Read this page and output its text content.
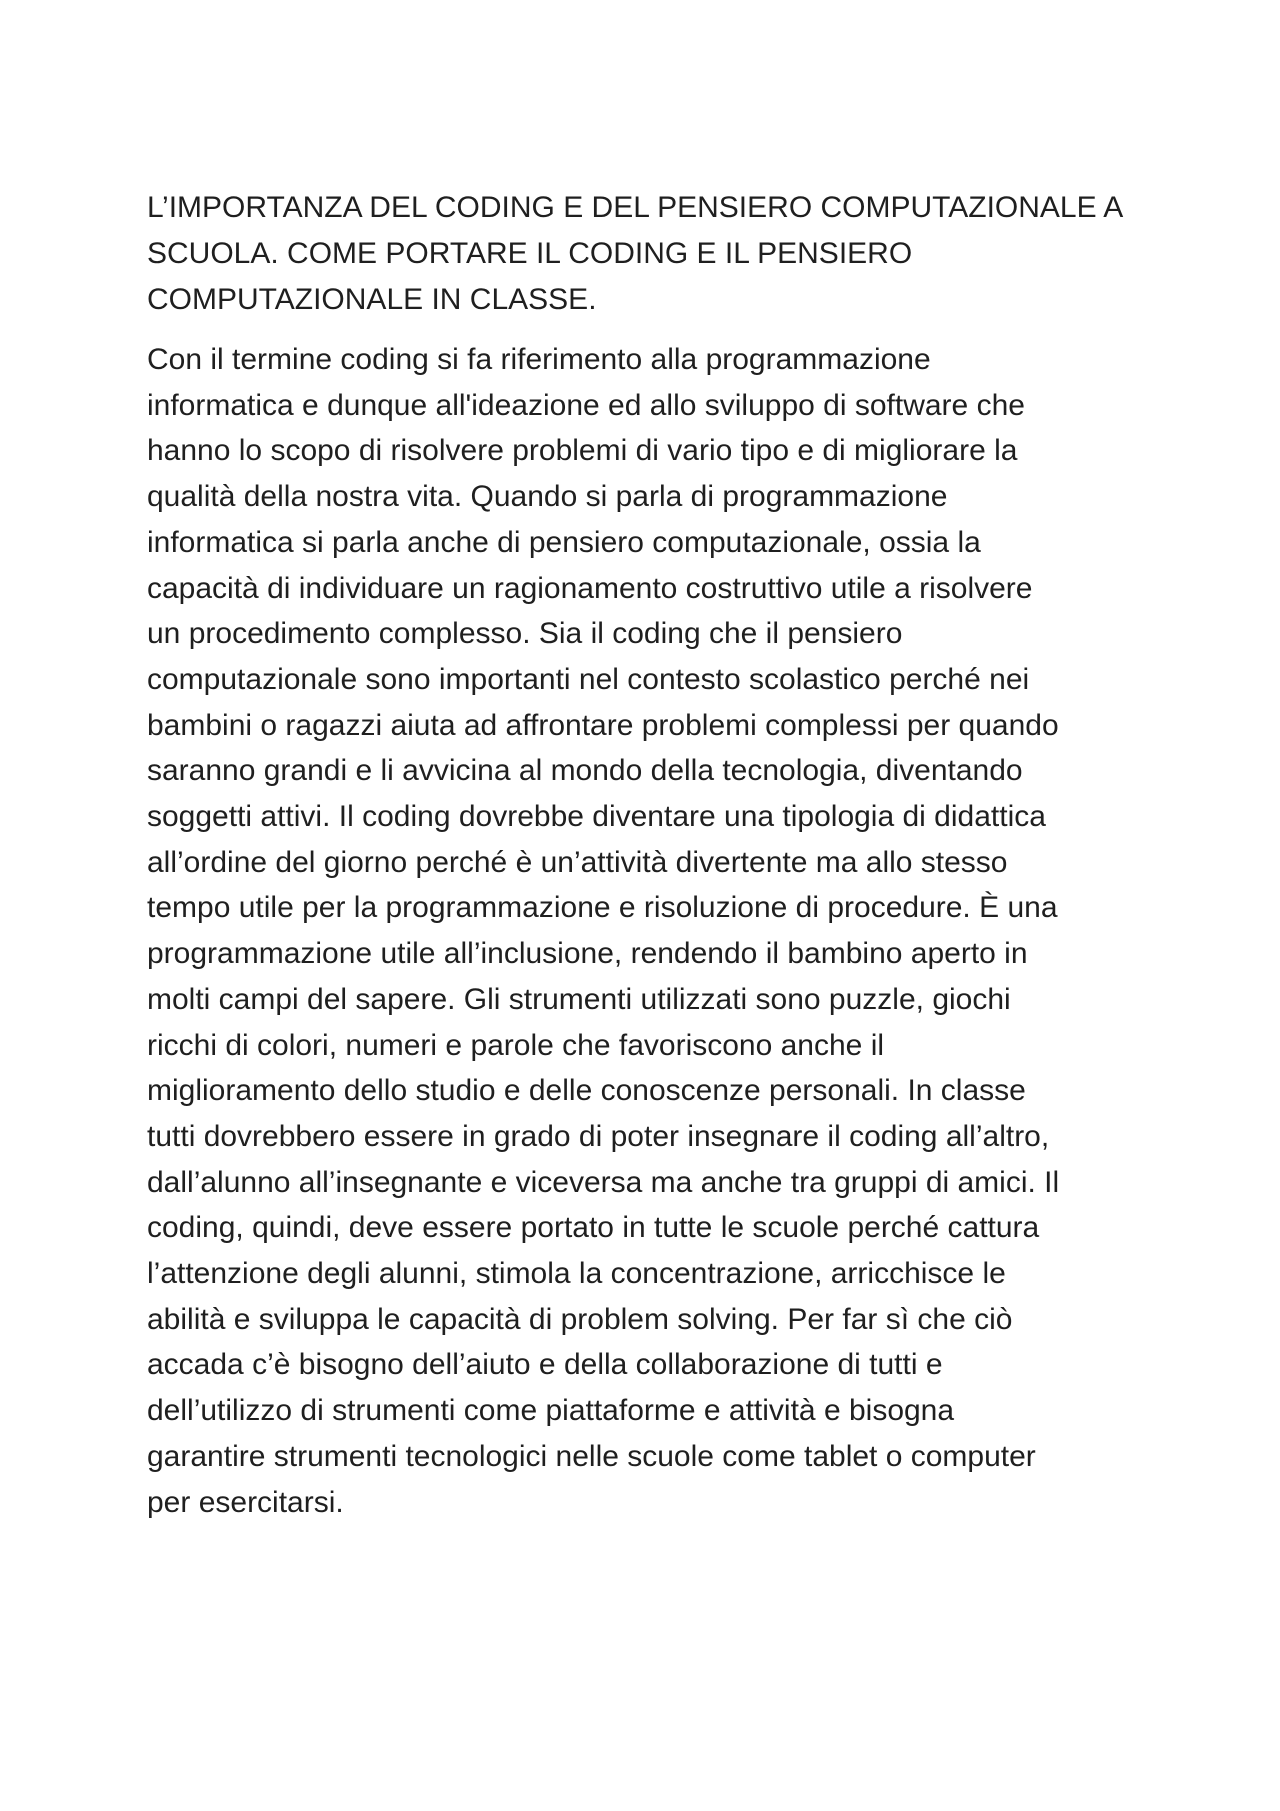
L’IMPORTANZA DEL CODING E DEL PENSIERO COMPUTAZIONALE A
SCUOLA. COME PORTARE IL CODING E IL PENSIERO
COMPUTAZIONALE IN CLASSE.

Con il termine coding si fa riferimento alla programmazione
informatica e dunque all'ideazione ed allo sviluppo di software che
hanno lo scopo di risolvere problemi di vario tipo e di migliorare la
qualità della nostra vita. Quando si parla di programmazione
informatica si parla anche di pensiero computazionale, ossia la
capacità di individuare un ragionamento costruttivo utile a risolvere
un procedimento complesso. Sia il coding che il pensiero
computazionale sono importanti nel contesto scolastico perché nei
bambini o ragazzi aiuta ad affrontare problemi complessi per quando
saranno grandi e li avvicina al mondo della tecnologia, diventando
soggetti attivi. Il coding dovrebbe diventare una tipologia di didattica
all’ordine del giorno perché è un’attività divertente ma allo stesso
tempo utile per la programmazione e risoluzione di procedure. È una
programmazione utile all’inclusione, rendendo il bambino aperto in
molti campi del sapere. Gli strumenti utilizzati sono puzzle, giochi
ricchi di colori, numeri e parole che favoriscono anche il
miglioramento dello studio e delle conoscenze personali. In classe
tutti dovrebbero essere in grado di poter insegnare il coding all’altro,
dall’alunno all’insegnante e viceversa ma anche tra gruppi di amici. Il
coding, quindi, deve essere portato in tutte le scuole perché cattura
l’attenzione degli alunni, stimola la concentrazione, arricchisce le
abilità e sviluppa le capacità di problem solving. Per far sì che ciò
accada c’è bisogno dell’aiuto e della collaborazione di tutti e
dell’utilizzo di strumenti come piattaforme e attività e bisogna
garantire strumenti tecnologici nelle scuole come tablet o computer
per esercitarsi.
